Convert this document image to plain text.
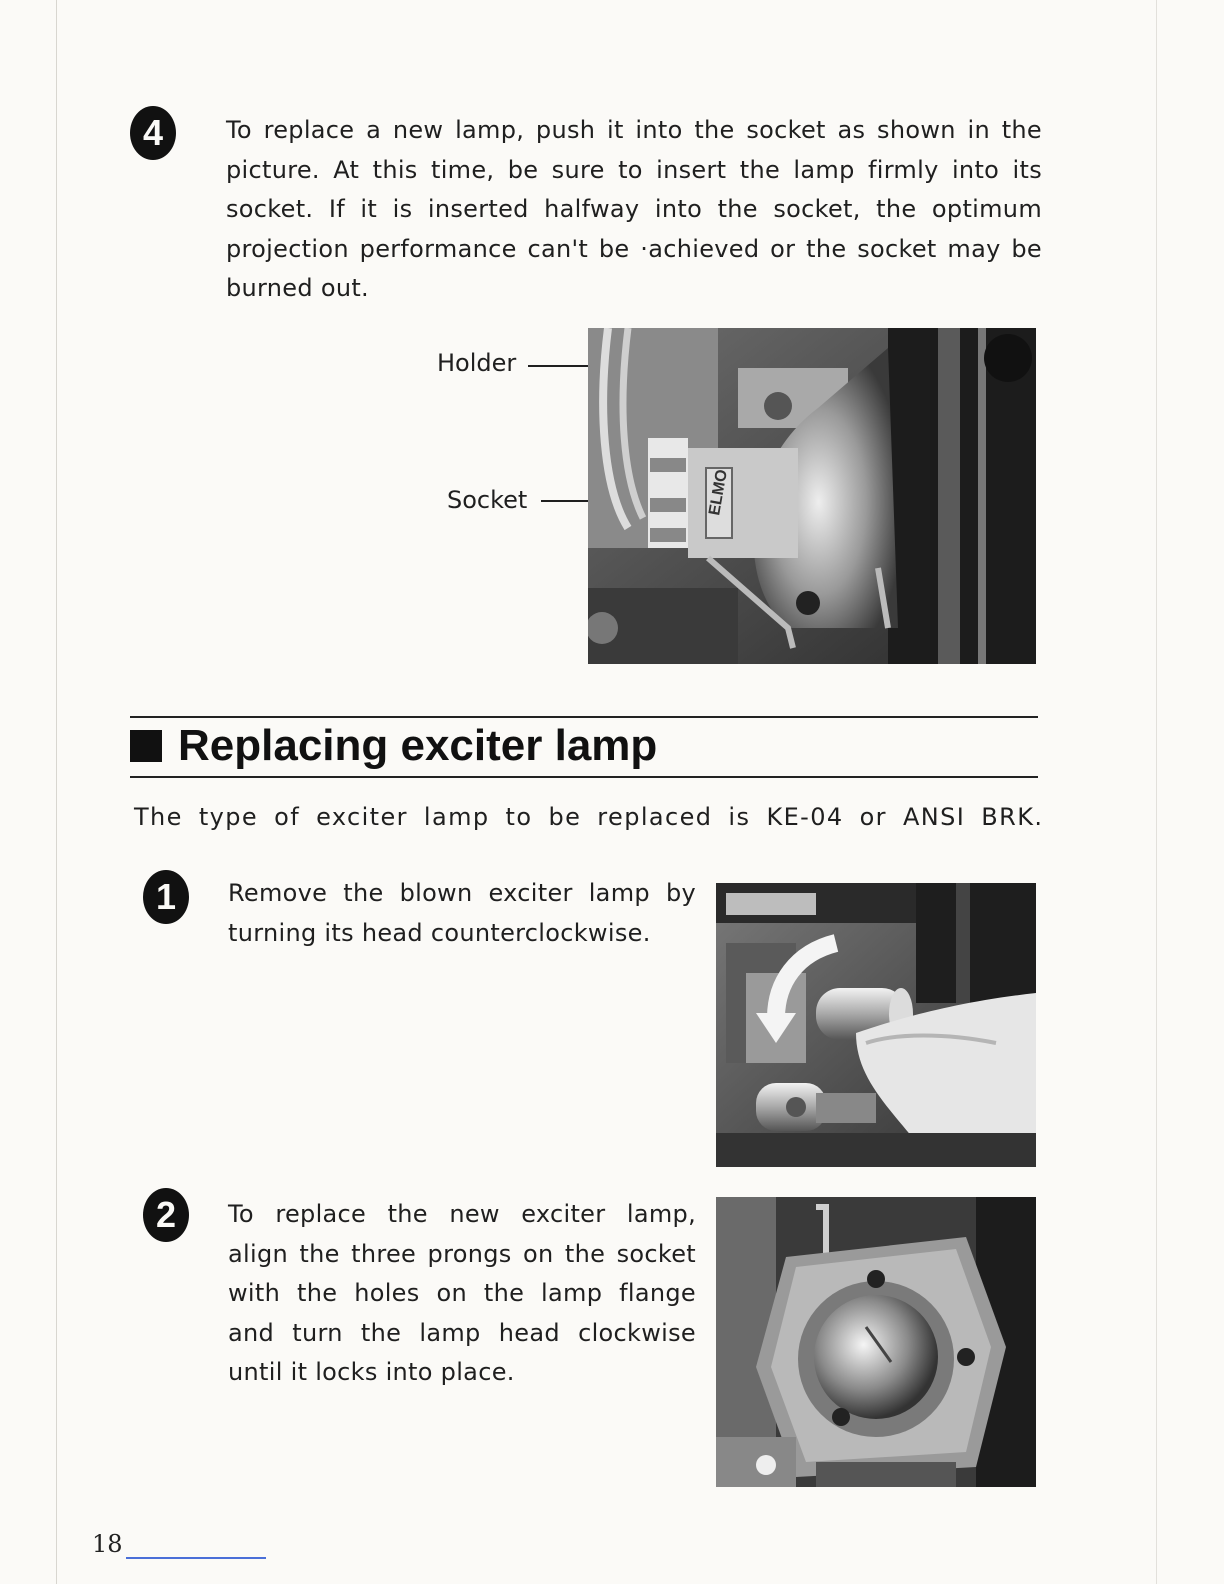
4	To replace a new lamp, push it into the socket as shown in the picture. At this time, be sure to insert the lamp firmly into its socket. If it is inserted halfway into the socket, the optimum projection performance can't be ·achieved or the socket may be burned out.

Holder
Socket	ELMO
Replacing exciter lamp

The type of exciter lamp to be replaced is KE-04 or ANSI BRK.

1	Remove the blown exciter lamp by turning its head counterclockwise.

2	To replace the new exciter lamp, align the three prongs on the socket with the holes on the lamp flange and turn the lamp head clockwise until it locks into place.

18
